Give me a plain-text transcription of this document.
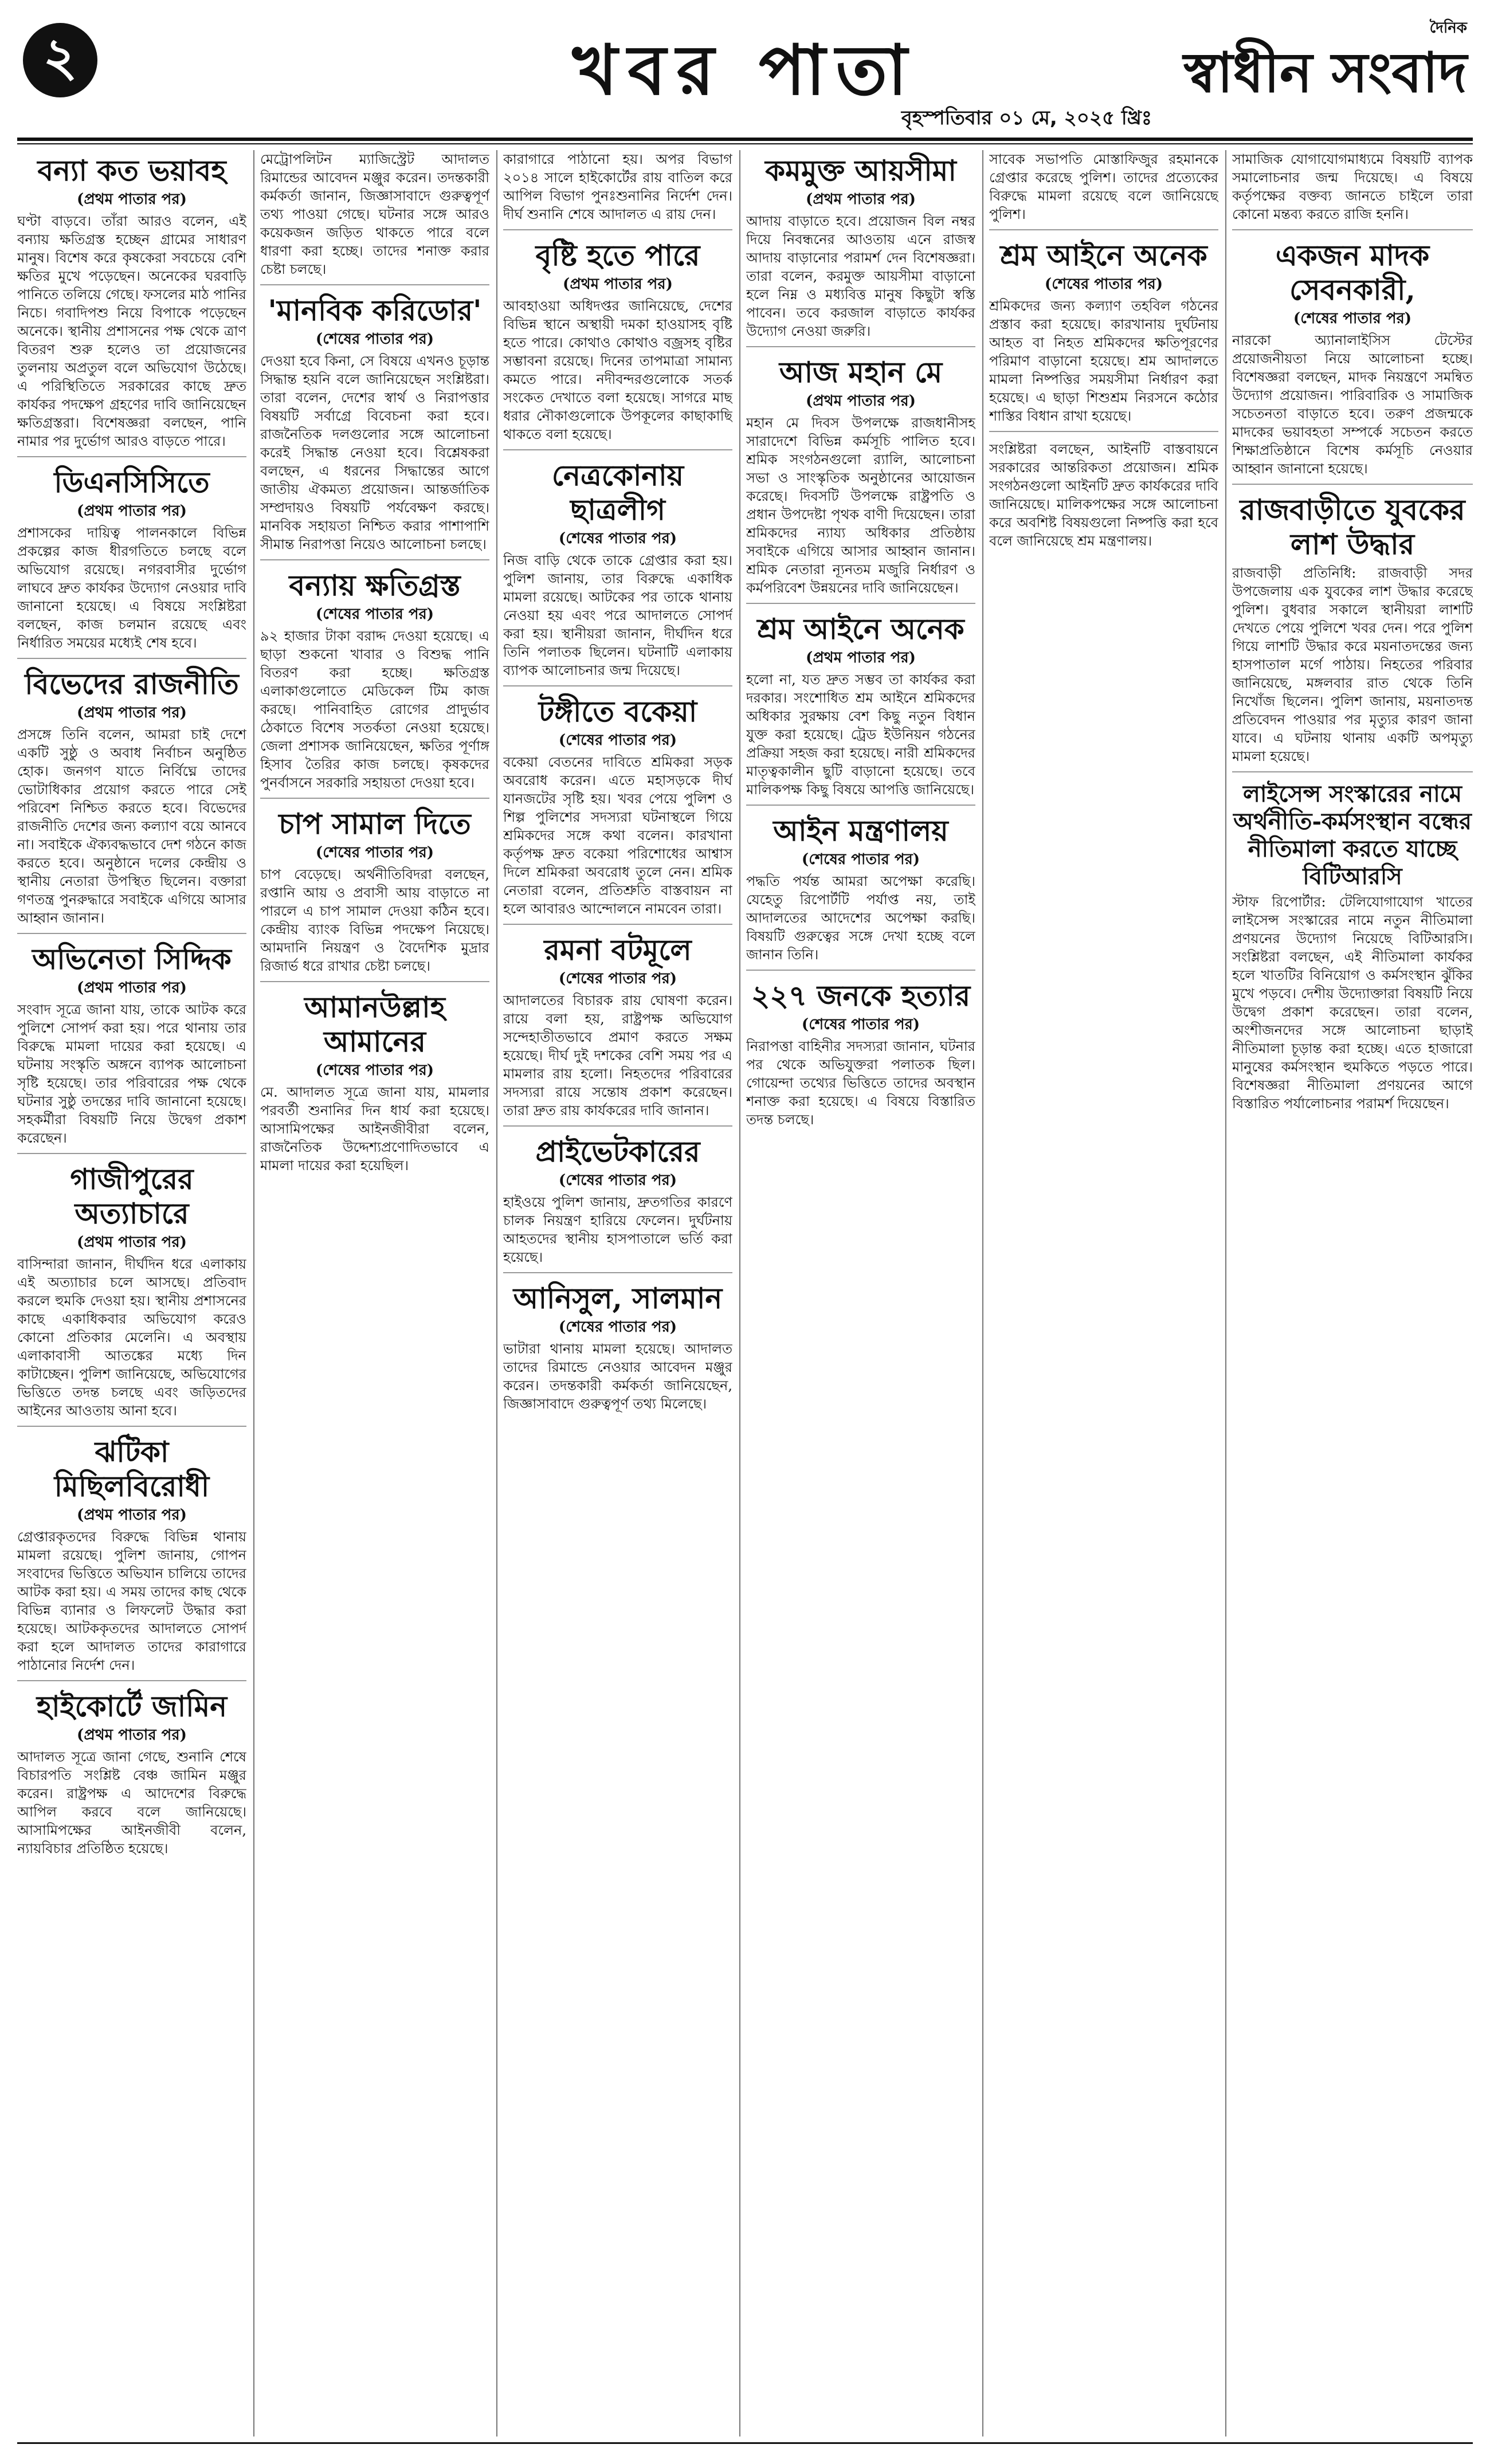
২	খবর পাতা
দৈনিক
স্বাধীন সংবাদ
বৃহস্পতিবার ০১ মে, ২০২৫ খ্রিঃ
বন্যা কত ভয়াবহ
(প্রথম পাতার পর)
ঘণ্টা বাড়বে। তাঁরা আরও বলেন, এই বন্যায় ক্ষতিগ্রস্ত হচ্ছেন গ্রামের সাধারণ মানুষ। বিশেষ করে কৃষকেরা সবচেয়ে বেশি ক্ষতির মুখে পড়েছেন। অনেকের ঘরবাড়ি পানিতে তলিয়ে গেছে। ফসলের মাঠ পানির নিচে। গবাদিপশু নিয়ে বিপাকে পড়েছেন অনেকে। স্থানীয় প্রশাসনের পক্ষ থেকে ত্রাণ বিতরণ শুরু হলেও তা প্রয়োজনের তুলনায় অপ্রতুল বলে অভিযোগ উঠেছে। এ পরিস্থিতিতে সরকারের কাছে দ্রুত কার্যকর পদক্ষেপ গ্রহণের দাবি জানিয়েছেন ক্ষতিগ্রস্তরা। বিশেষজ্ঞরা বলছেন, পানি নামার পর দুর্ভোগ আরও বাড়তে পারে।
ডিএনসিসিতে
(প্রথম পাতার পর)
প্রশাসকের দায়িত্ব পালনকালে বিভিন্ন প্রকল্পের কাজ ধীরগতিতে চলছে বলে অভিযোগ রয়েছে। নগরবাসীর দুর্ভোগ লাঘবে দ্রুত কার্যকর উদ্যোগ নেওয়ার দাবি জানানো হয়েছে। এ বিষয়ে সংশ্লিষ্টরা বলছেন, কাজ চলমান রয়েছে এবং নির্ধারিত সময়ের মধ্যেই শেষ হবে।
বিভেদের রাজনীতি
(প্রথম পাতার পর)
প্রসঙ্গে তিনি বলেন, আমরা চাই দেশে একটি সুষ্ঠু ও অবাধ নির্বাচন অনুষ্ঠিত হোক। জনগণ যাতে নির্বিঘ্নে তাদের ভোটাধিকার প্রয়োগ করতে পারে সেই পরিবেশ নিশ্চিত করতে হবে। বিভেদের রাজনীতি দেশের জন্য কল্যাণ বয়ে আনবে না। সবাইকে ঐক্যবদ্ধভাবে দেশ গঠনে কাজ করতে হবে। অনুষ্ঠানে দলের কেন্দ্রীয় ও স্থানীয় নেতারা উপস্থিত ছিলেন। বক্তারা গণতন্ত্র পুনরুদ্ধারে সবাইকে এগিয়ে আসার আহ্বান জানান।
অভিনেতা সিদ্দিক
(প্রথম পাতার পর)
সংবাদ সূত্রে জানা যায়, তাকে আটক করে পুলিশে সোপর্দ করা হয়। পরে থানায় তার বিরুদ্ধে মামলা দায়ের করা হয়েছে। এ ঘটনায় সংস্কৃতি অঙ্গনে ব্যাপক আলোচনা সৃষ্টি হয়েছে। তার পরিবারের পক্ষ থেকে ঘটনার সুষ্ঠু তদন্তের দাবি জানানো হয়েছে। সহকর্মীরা বিষয়টি নিয়ে উদ্বেগ প্রকাশ করেছেন।
গাজীপুরের অত্যাচারে
(প্রথম পাতার পর)
বাসিন্দারা জানান, দীর্ঘদিন ধরে এলাকায় এই অত্যাচার চলে আসছে। প্রতিবাদ করলে হুমকি দেওয়া হয়। স্থানীয় প্রশাসনের কাছে একাধিকবার অভিযোগ করেও কোনো প্রতিকার মেলেনি। এ অবস্থায় এলাকাবাসী আতঙ্কের মধ্যে দিন কাটাচ্ছেন। পুলিশ জানিয়েছে, অভিযোগের ভিত্তিতে তদন্ত চলছে এবং জড়িতদের আইনের আওতায় আনা হবে।
ঝটিকা মিছিলবিরোধী
(প্রথম পাতার পর)
গ্রেপ্তারকৃতদের বিরুদ্ধে বিভিন্ন থানায় মামলা রয়েছে। পুলিশ জানায়, গোপন সংবাদের ভিত্তিতে অভিযান চালিয়ে তাদের আটক করা হয়। এ সময় তাদের কাছ থেকে বিভিন্ন ব্যানার ও লিফলেট উদ্ধার করা হয়েছে। আটককৃতদের আদালতে সোপর্দ করা হলে আদালত তাদের কারাগারে পাঠানোর নির্দেশ দেন।
হাইকোর্টে জামিন
(প্রথম পাতার পর)
আদালত সূত্রে জানা গেছে, শুনানি শেষে বিচারপতি সংশ্লিষ্ট বেঞ্চ জামিন মঞ্জুর করেন। রাষ্ট্রপক্ষ এ আদেশের বিরুদ্ধে আপিল করবে বলে জানিয়েছে। আসামিপক্ষের আইনজীবী বলেন, ন্যায়বিচার প্রতিষ্ঠিত হয়েছে।
মেট্রোপলিটন ম্যাজিস্ট্রেট আদালত রিমান্ডের আবেদন মঞ্জুর করেন। তদন্তকারী কর্মকর্তা জানান, জিজ্ঞাসাবাদে গুরুত্বপূর্ণ তথ্য পাওয়া গেছে। ঘটনার সঙ্গে আরও কয়েকজন জড়িত থাকতে পারে বলে ধারণা করা হচ্ছে। তাদের শনাক্ত করার চেষ্টা চলছে।
'মানবিক করিডোর'
(শেষের পাতার পর)
দেওয়া হবে কিনা, সে বিষয়ে এখনও চূড়ান্ত সিদ্ধান্ত হয়নি বলে জানিয়েছেন সংশ্লিষ্টরা। তারা বলেন, দেশের স্বার্থ ও নিরাপত্তার বিষয়টি সর্বাগ্রে বিবেচনা করা হবে। রাজনৈতিক দলগুলোর সঙ্গে আলোচনা করেই সিদ্ধান্ত নেওয়া হবে। বিশ্লেষকরা বলছেন, এ ধরনের সিদ্ধান্তের আগে জাতীয় ঐকমত্য প্রয়োজন। আন্তর্জাতিক সম্প্রদায়ও বিষয়টি পর্যবেক্ষণ করছে। মানবিক সহায়তা নিশ্চিত করার পাশাপাশি সীমান্ত নিরাপত্তা নিয়েও আলোচনা চলছে।
বন্যায় ক্ষতিগ্রস্ত
(শেষের পাতার পর)
৯২ হাজার টাকা বরাদ্দ দেওয়া হয়েছে। এ ছাড়া শুকনো খাবার ও বিশুদ্ধ পানি বিতরণ করা হচ্ছে। ক্ষতিগ্রস্ত এলাকাগুলোতে মেডিকেল টিম কাজ করছে। পানিবাহিত রোগের প্রাদুর্ভাব ঠেকাতে বিশেষ সতর্কতা নেওয়া হয়েছে। জেলা প্রশাসক জানিয়েছেন, ক্ষতির পূর্ণাঙ্গ হিসাব তৈরির কাজ চলছে। কৃষকদের পুনর্বাসনে সরকারি সহায়তা দেওয়া হবে।
চাপ সামাল দিতে
(শেষের পাতার পর)
চাপ বেড়েছে। অর্থনীতিবিদরা বলছেন, রপ্তানি আয় ও প্রবাসী আয় বাড়াতে না পারলে এ চাপ সামাল দেওয়া কঠিন হবে। কেন্দ্রীয় ব্যাংক বিভিন্ন পদক্ষেপ নিয়েছে। আমদানি নিয়ন্ত্রণ ও বৈদেশিক মুদ্রার রিজার্ভ ধরে রাখার চেষ্টা চলছে।
আমানউল্লাহ আমানের
(শেষের পাতার পর)
মে. আদালত সূত্রে জানা যায়, মামলার পরবর্তী শুনানির দিন ধার্য করা হয়েছে। আসামিপক্ষের আইনজীবীরা বলেন, রাজনৈতিক উদ্দেশ্যপ্রণোদিতভাবে এ মামলা দায়ের করা হয়েছিল।
কারাগারে পাঠানো হয়। অপর বিভাগ ২০১৪ সালে হাইকোর্টের রায় বাতিল করে আপিল বিভাগ পুনঃশুনানির নির্দেশ দেন। দীর্ঘ শুনানি শেষে আদালত এ রায় দেন।
বৃষ্টি হতে পারে
(প্রথম পাতার পর)
আবহাওয়া অধিদপ্তর জানিয়েছে, দেশের বিভিন্ন স্থানে অস্থায়ী দমকা হাওয়াসহ বৃষ্টি হতে পারে। কোথাও কোথাও বজ্রসহ বৃষ্টির সম্ভাবনা রয়েছে। দিনের তাপমাত্রা সামান্য কমতে পারে। নদীবন্দরগুলোকে সতর্ক সংকেত দেখাতে বলা হয়েছে। সাগরে মাছ ধরার নৌকাগুলোকে উপকূলের কাছাকাছি থাকতে বলা হয়েছে।
নেত্রকোনায় ছাত্রলীগ
(শেষের পাতার পর)
নিজ বাড়ি থেকে তাকে গ্রেপ্তার করা হয়। পুলিশ জানায়, তার বিরুদ্ধে একাধিক মামলা রয়েছে। আটকের পর তাকে থানায় নেওয়া হয় এবং পরে আদালতে সোপর্দ করা হয়। স্থানীয়রা জানান, দীর্ঘদিন ধরে তিনি পলাতক ছিলেন। ঘটনাটি এলাকায় ব্যাপক আলোচনার জন্ম দিয়েছে।
টঙ্গীতে বকেয়া
(শেষের পাতার পর)
বকেয়া বেতনের দাবিতে শ্রমিকরা সড়ক অবরোধ করেন। এতে মহাসড়কে দীর্ঘ যানজটের সৃষ্টি হয়। খবর পেয়ে পুলিশ ও শিল্প পুলিশের সদস্যরা ঘটনাস্থলে গিয়ে শ্রমিকদের সঙ্গে কথা বলেন। কারখানা কর্তৃপক্ষ দ্রুত বকেয়া পরিশোধের আশ্বাস দিলে শ্রমিকরা অবরোধ তুলে নেন। শ্রমিক নেতারা বলেন, প্রতিশ্রুতি বাস্তবায়ন না হলে আবারও আন্দোলনে নামবেন তারা।
রমনা বটমূলে
(শেষের পাতার পর)
আদালতের বিচারক রায় ঘোষণা করেন। রায়ে বলা হয়, রাষ্ট্রপক্ষ অভিযোগ সন্দেহাতীতভাবে প্রমাণ করতে সক্ষম হয়েছে। দীর্ঘ দুই দশকের বেশি সময় পর এ মামলার রায় হলো। নিহতদের পরিবারের সদস্যরা রায়ে সন্তোষ প্রকাশ করেছেন। তারা দ্রুত রায় কার্যকরের দাবি জানান।
প্রাইভেটকারের
(শেষের পাতার পর)
হাইওয়ে পুলিশ জানায়, দ্রুতগতির কারণে চালক নিয়ন্ত্রণ হারিয়ে ফেলেন। দুর্ঘটনায় আহতদের স্থানীয় হাসপাতালে ভর্তি করা হয়েছে।
আনিসুল, সালমান
(শেষের পাতার পর)
ভাটারা থানায় মামলা হয়েছে। আদালত তাদের রিমান্ডে নেওয়ার আবেদন মঞ্জুর করেন। তদন্তকারী কর্মকর্তা জানিয়েছেন, জিজ্ঞাসাবাদে গুরুত্বপূর্ণ তথ্য মিলেছে।
কমমুক্ত আয়সীমা
(প্রথম পাতার পর)
আদায় বাড়াতে হবে। প্রয়োজন বিল নম্বর দিয়ে নিবন্ধনের আওতায় এনে রাজস্ব আদায় বাড়ানোর পরামর্শ দেন বিশেষজ্ঞরা। তারা বলেন, করমুক্ত আয়সীমা বাড়ানো হলে নিম্ন ও মধ্যবিত্ত মানুষ কিছুটা স্বস্তি পাবেন। তবে করজাল বাড়াতে কার্যকর উদ্যোগ নেওয়া জরুরি।
আজ মহান মে
(প্রথম পাতার পর)
মহান মে দিবস উপলক্ষে রাজধানীসহ সারাদেশে বিভিন্ন কর্মসূচি পালিত হবে। শ্রমিক সংগঠনগুলো র‍্যালি, আলোচনা সভা ও সাংস্কৃতিক অনুষ্ঠানের আয়োজন করেছে। দিবসটি উপলক্ষে রাষ্ট্রপতি ও প্রধান উপদেষ্টা পৃথক বাণী দিয়েছেন। তারা শ্রমিকদের ন্যায্য অধিকার প্রতিষ্ঠায় সবাইকে এগিয়ে আসার আহ্বান জানান। শ্রমিক নেতারা ন্যূনতম মজুরি নির্ধারণ ও কর্মপরিবেশ উন্নয়নের দাবি জানিয়েছেন।
শ্রম আইনে অনেক
(প্রথম পাতার পর)
হলো না, যত দ্রুত সম্ভব তা কার্যকর করা দরকার। সংশোধিত শ্রম আইনে শ্রমিকদের অধিকার সুরক্ষায় বেশ কিছু নতুন বিধান যুক্ত করা হয়েছে। ট্রেড ইউনিয়ন গঠনের প্রক্রিয়া সহজ করা হয়েছে। নারী শ্রমিকদের মাতৃত্বকালীন ছুটি বাড়ানো হয়েছে। তবে মালিকপক্ষ কিছু বিষয়ে আপত্তি জানিয়েছে।
আইন মন্ত্রণালয়
(শেষের পাতার পর)
পদ্ধতি পর্যন্ত আমরা অপেক্ষা করেছি। যেহেতু রিপোর্টটি পর্যাপ্ত নয়, তাই আদালতের আদেশের অপেক্ষা করছি। বিষয়টি গুরুত্বের সঙ্গে দেখা হচ্ছে বলে জানান তিনি।
২২৭ জনকে হত্যার
(শেষের পাতার পর)
নিরাপত্তা বাহিনীর সদস্যরা জানান, ঘটনার পর থেকে অভিযুক্তরা পলাতক ছিল। গোয়েন্দা তথ্যের ভিত্তিতে তাদের অবস্থান শনাক্ত করা হয়েছে। এ বিষয়ে বিস্তারিত তদন্ত চলছে।
সাবেক সভাপতি মোস্তাফিজুর রহমানকে গ্রেপ্তার করেছে পুলিশ। তাদের প্রত্যেকের বিরুদ্ধে মামলা রয়েছে বলে জানিয়েছে পুলিশ।
শ্রম আইনে অনেক
(শেষের পাতার পর)
শ্রমিকদের জন্য কল্যাণ তহবিল গঠনের প্রস্তাব করা হয়েছে। কারখানায় দুর্ঘটনায় আহত বা নিহত শ্রমিকদের ক্ষতিপূরণের পরিমাণ বাড়ানো হয়েছে। শ্রম আদালতে মামলা নিষ্পত্তির সময়সীমা নির্ধারণ করা হয়েছে। এ ছাড়া শিশুশ্রম নিরসনে কঠোর শাস্তির বিধান রাখা হয়েছে।
সংশ্লিষ্টরা বলছেন, আইনটি বাস্তবায়নে সরকারের আন্তরিকতা প্রয়োজন। শ্রমিক সংগঠনগুলো আইনটি দ্রুত কার্যকরের দাবি জানিয়েছে। মালিকপক্ষের সঙ্গে আলোচনা করে অবশিষ্ট বিষয়গুলো নিষ্পত্তি করা হবে বলে জানিয়েছে শ্রম মন্ত্রণালয়।
সামাজিক যোগাযোগমাধ্যমে বিষয়টি ব্যাপক সমালোচনার জন্ম দিয়েছে। এ বিষয়ে কর্তৃপক্ষের বক্তব্য জানতে চাইলে তারা কোনো মন্তব্য করতে রাজি হননি।
একজন মাদক সেবনকারী,
(শেষের পাতার পর)
নারকো অ্যানালাইসিস টেস্টের প্রয়োজনীয়তা নিয়ে আলোচনা হচ্ছে। বিশেষজ্ঞরা বলছেন, মাদক নিয়ন্ত্রণে সমন্বিত উদ্যোগ প্রয়োজন। পারিবারিক ও সামাজিক সচেতনতা বাড়াতে হবে। তরুণ প্রজন্মকে মাদকের ভয়াবহতা সম্পর্কে সচেতন করতে শিক্ষাপ্রতিষ্ঠানে বিশেষ কর্মসূচি নেওয়ার আহ্বান জানানো হয়েছে।
রাজবাড়ীতে যুবকের লাশ উদ্ধার
রাজবাড়ী প্রতিনিধি: রাজবাড়ী সদর উপজেলায় এক যুবকের লাশ উদ্ধার করেছে পুলিশ। বুধবার সকালে স্থানীয়রা লাশটি দেখতে পেয়ে পুলিশে খবর দেন। পরে পুলিশ গিয়ে লাশটি উদ্ধার করে ময়নাতদন্তের জন্য হাসপাতাল মর্গে পাঠায়। নিহতের পরিবার জানিয়েছে, মঙ্গলবার রাত থেকে তিনি নিখোঁজ ছিলেন। পুলিশ জানায়, ময়নাতদন্ত প্রতিবেদন পাওয়ার পর মৃত্যুর কারণ জানা যাবে। এ ঘটনায় থানায় একটি অপমৃত্যু মামলা হয়েছে।
লাইসেন্স সংস্কারের নামে অর্থনীতি-কর্মসংস্থান বন্ধের নীতিমালা করতে যাচ্ছে বিটিআরসি
স্টাফ রিপোর্টার: টেলিযোগাযোগ খাতের লাইসেন্স সংস্কারের নামে নতুন নীতিমালা প্রণয়নের উদ্যোগ নিয়েছে বিটিআরসি। সংশ্লিষ্টরা বলছেন, এই নীতিমালা কার্যকর হলে খাতটির বিনিয়োগ ও কর্মসংস্থান ঝুঁকির মুখে পড়বে। দেশীয় উদ্যোক্তারা বিষয়টি নিয়ে উদ্বেগ প্রকাশ করেছেন। তারা বলেন, অংশীজনদের সঙ্গে আলোচনা ছাড়াই নীতিমালা চূড়ান্ত করা হচ্ছে। এতে হাজারো মানুষের কর্মসংস্থান হুমকিতে পড়তে পারে। বিশেষজ্ঞরা নীতিমালা প্রণয়নের আগে বিস্তারিত পর্যালোচনার পরামর্শ দিয়েছেন।
